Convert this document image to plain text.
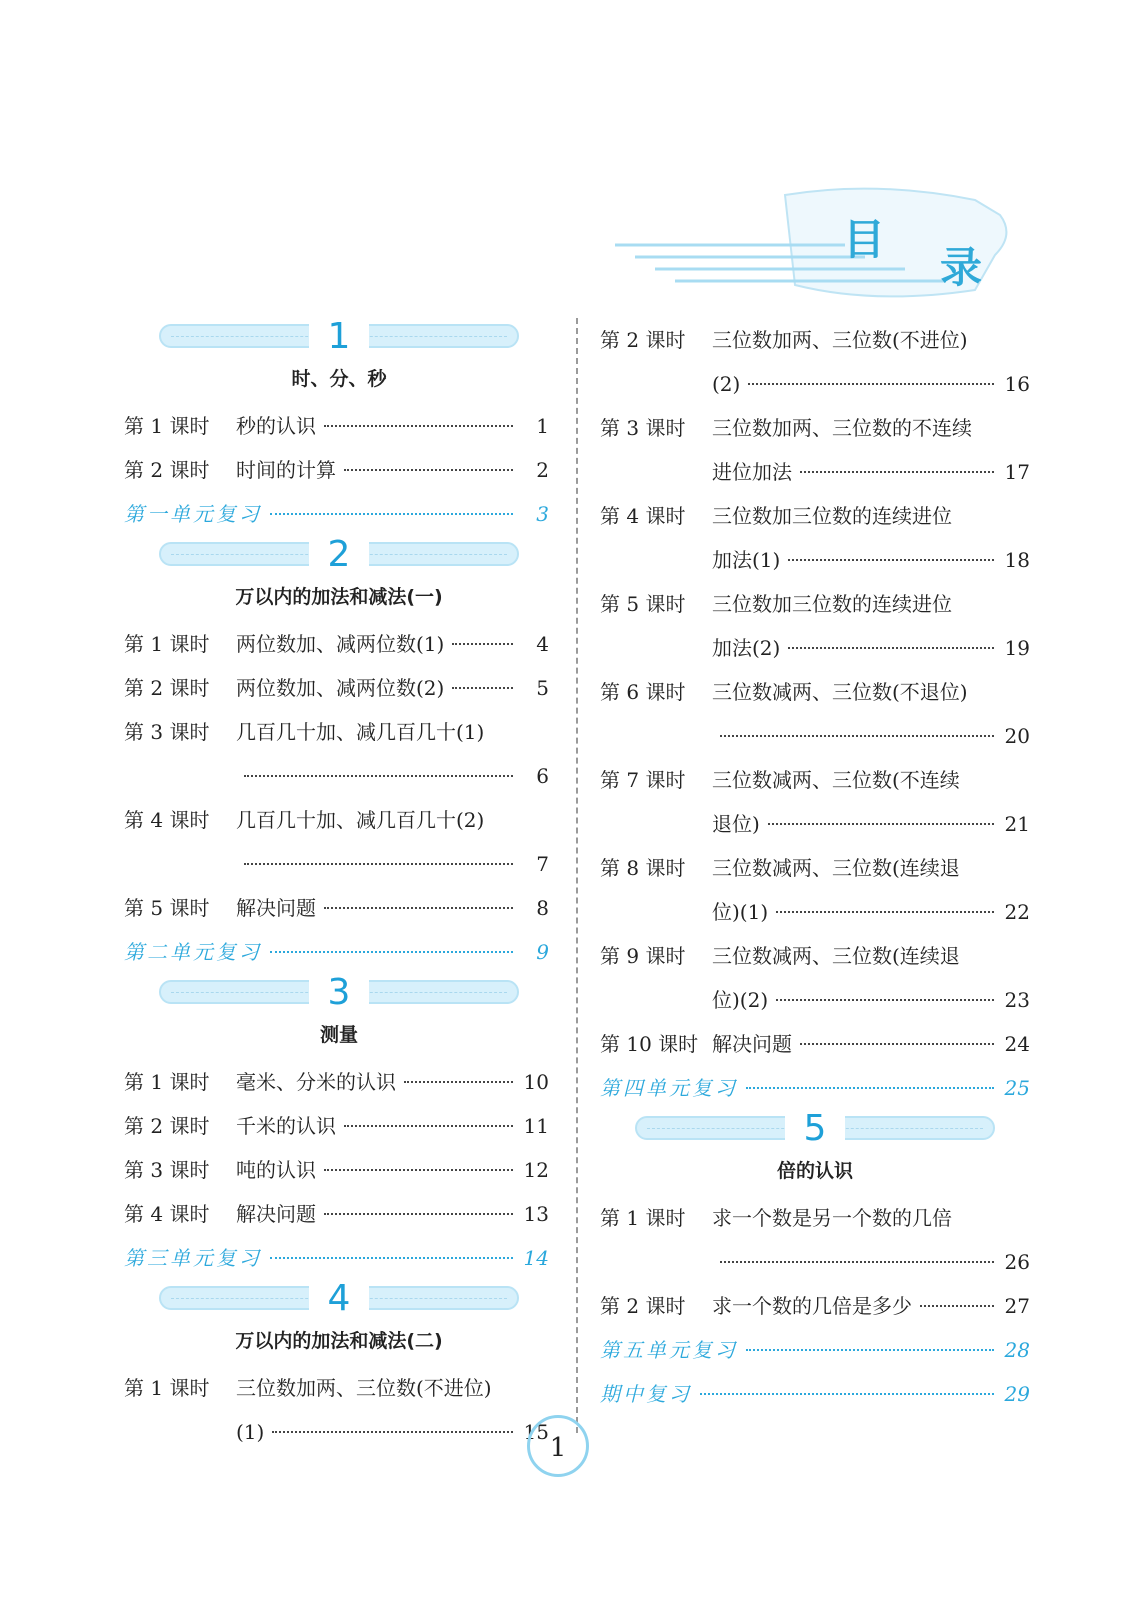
目
录
1
时、分、秒
第 1 课时	秒的认识	1
第 2 课时	时间的计算	2
第一单元复习	3
2
万以内的加法和减法(一)
第 1 课时	两位数加、减两位数(1)	4
第 2 课时	两位数加、减两位数(2)	5
第 3 课时	几百几十加、减几百几十(1)
6
第 4 课时	几百几十加、减几百几十(2)
7
第 5 课时	解决问题	8
第二单元复习	9
3
测量
第 1 课时	毫米、分米的认识	10
第 2 课时	千米的认识	11
第 3 课时	吨的认识	12
第 4 课时	解决问题	13
第三单元复习	14
4
万以内的加法和减法(二)
第 1 课时	三位数加两、三位数(不进位)
(1)	15
第 2 课时	三位数加两、三位数(不进位)
(2)	16
第 3 课时	三位数加两、三位数的不连续
进位加法	17
第 4 课时	三位数加三位数的连续进位
加法(1)	18
第 5 课时	三位数加三位数的连续进位
加法(2)	19
第 6 课时	三位数减两、三位数(不退位)
20
第 7 课时	三位数减两、三位数(不连续
退位)	21
第 8 课时	三位数减两、三位数(连续退
位)(1)	22
第 9 课时	三位数减两、三位数(连续退
位)(2)	23
第 10 课时 解决问题	24
第四单元复习	25
5
倍的认识
第 1 课时	求一个数是另一个数的几倍
26
第 2 课时	求一个数的几倍是多少	27
第五单元复习	28
期中复习	29
1
